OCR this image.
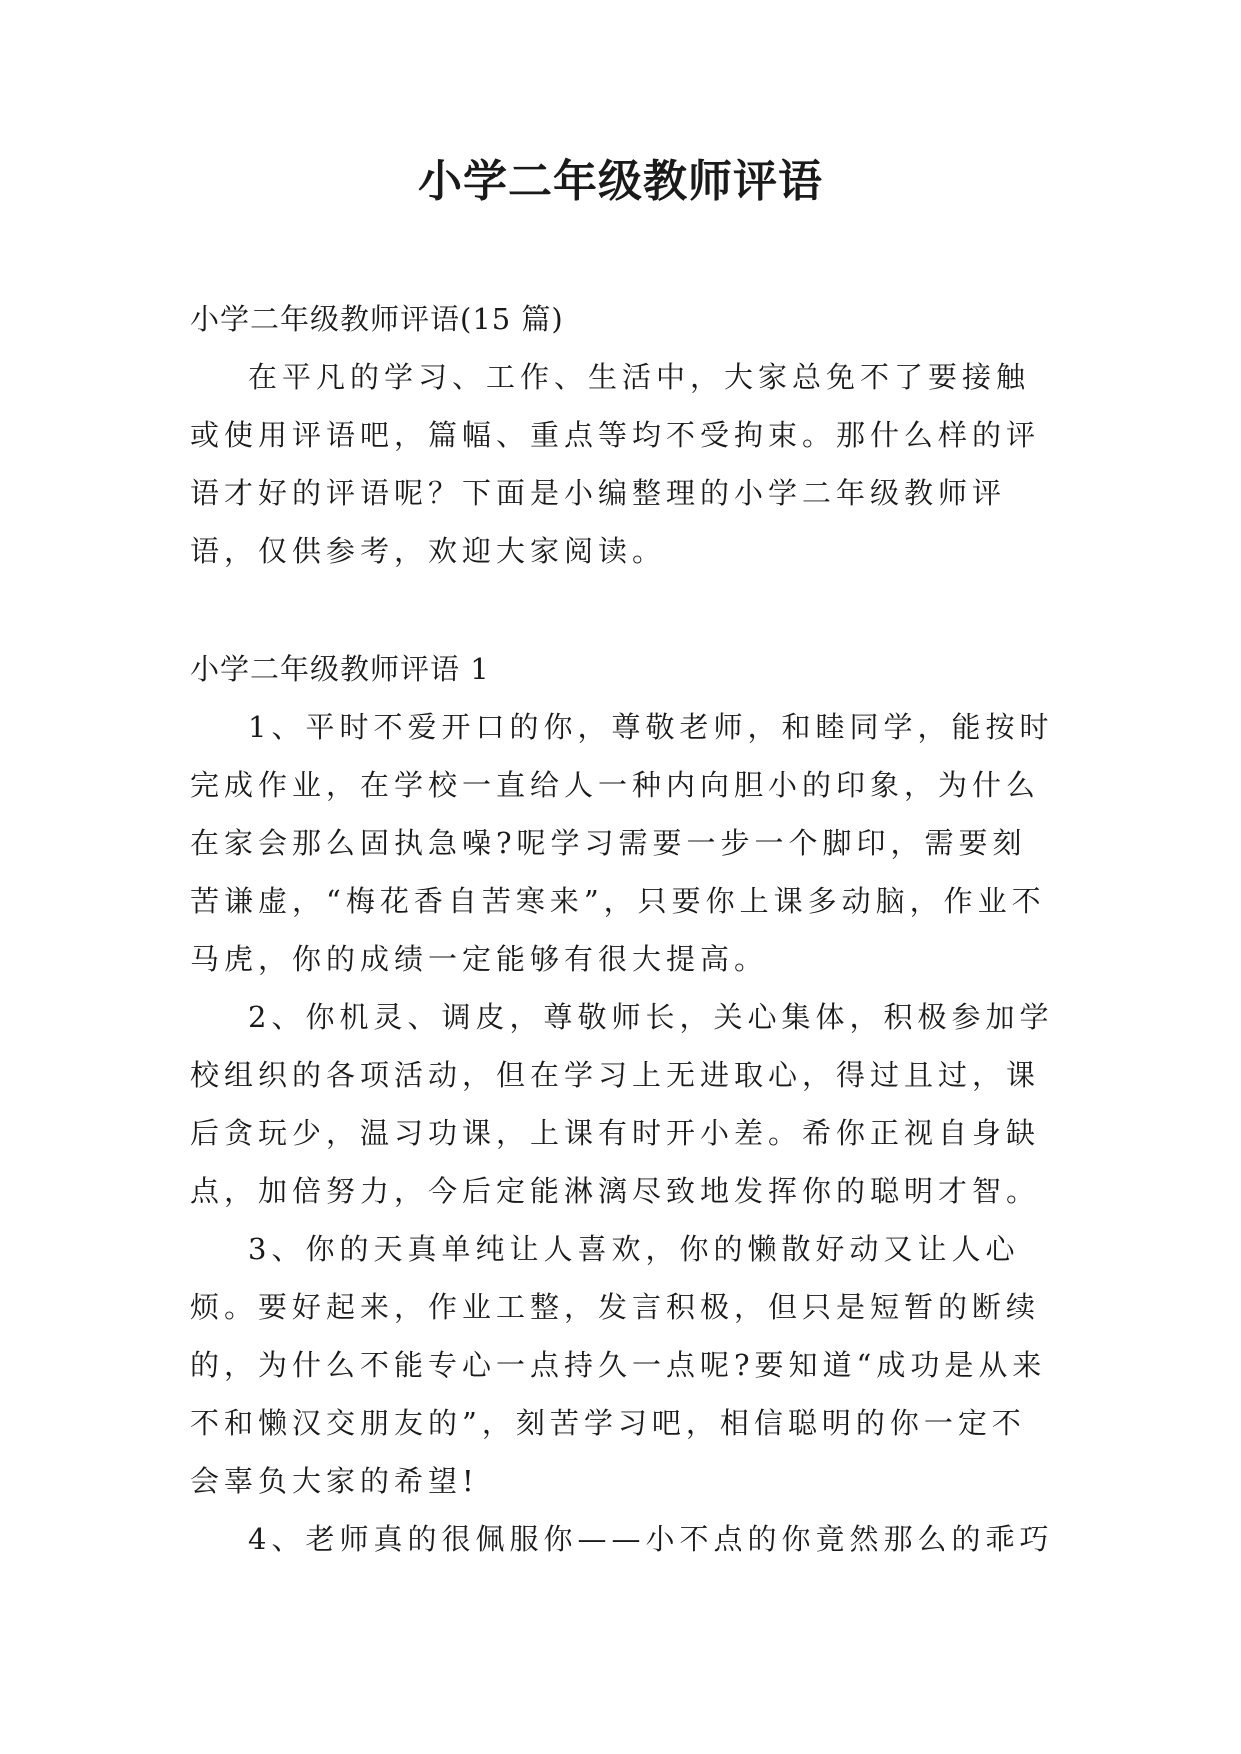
小学二年级教师评语

小学二年级教师评语(15 篇)

在平凡的学习、工作、生活中，大家总免不了要接触或使用评语吧，篇幅、重点等均不受拘束。那什么样的评语才好的评语呢？下面是小编整理的小学二年级教师评语，仅供参考，欢迎大家阅读。

小学二年级教师评语 1

1、平时不爱开口的你，尊敬老师，和睦同学，能按时完成作业，在学校一直给人一种内向胆小的印象，为什么在家会那么固执急噪?呢学习需要一步一个脚印，需要刻苦谦虚，“梅花香自苦寒来”，只要你上课多动脑，作业不马虎，你的成绩一定能够有很大提高。

2、你机灵、调皮，尊敬师长，关心集体，积极参加学校组织的各项活动，但在学习上无进取心，得过且过，课后贪玩少，温习功课，上课有时开小差。希你正视自身缺点，加倍努力，今后定能淋漓尽致地发挥你的聪明才智。

3、你的天真单纯让人喜欢，你的懒散好动又让人心烦。要好起来，作业工整，发言积极，但只是短暂的断续的，为什么不能专心一点持久一点呢?要知道“成功是从来不和懒汉交朋友的”，刻苦学习吧，相信聪明的你一定不会辜负大家的希望!

4、老师真的很佩服你——小不点的你竟然那么的乖巧
